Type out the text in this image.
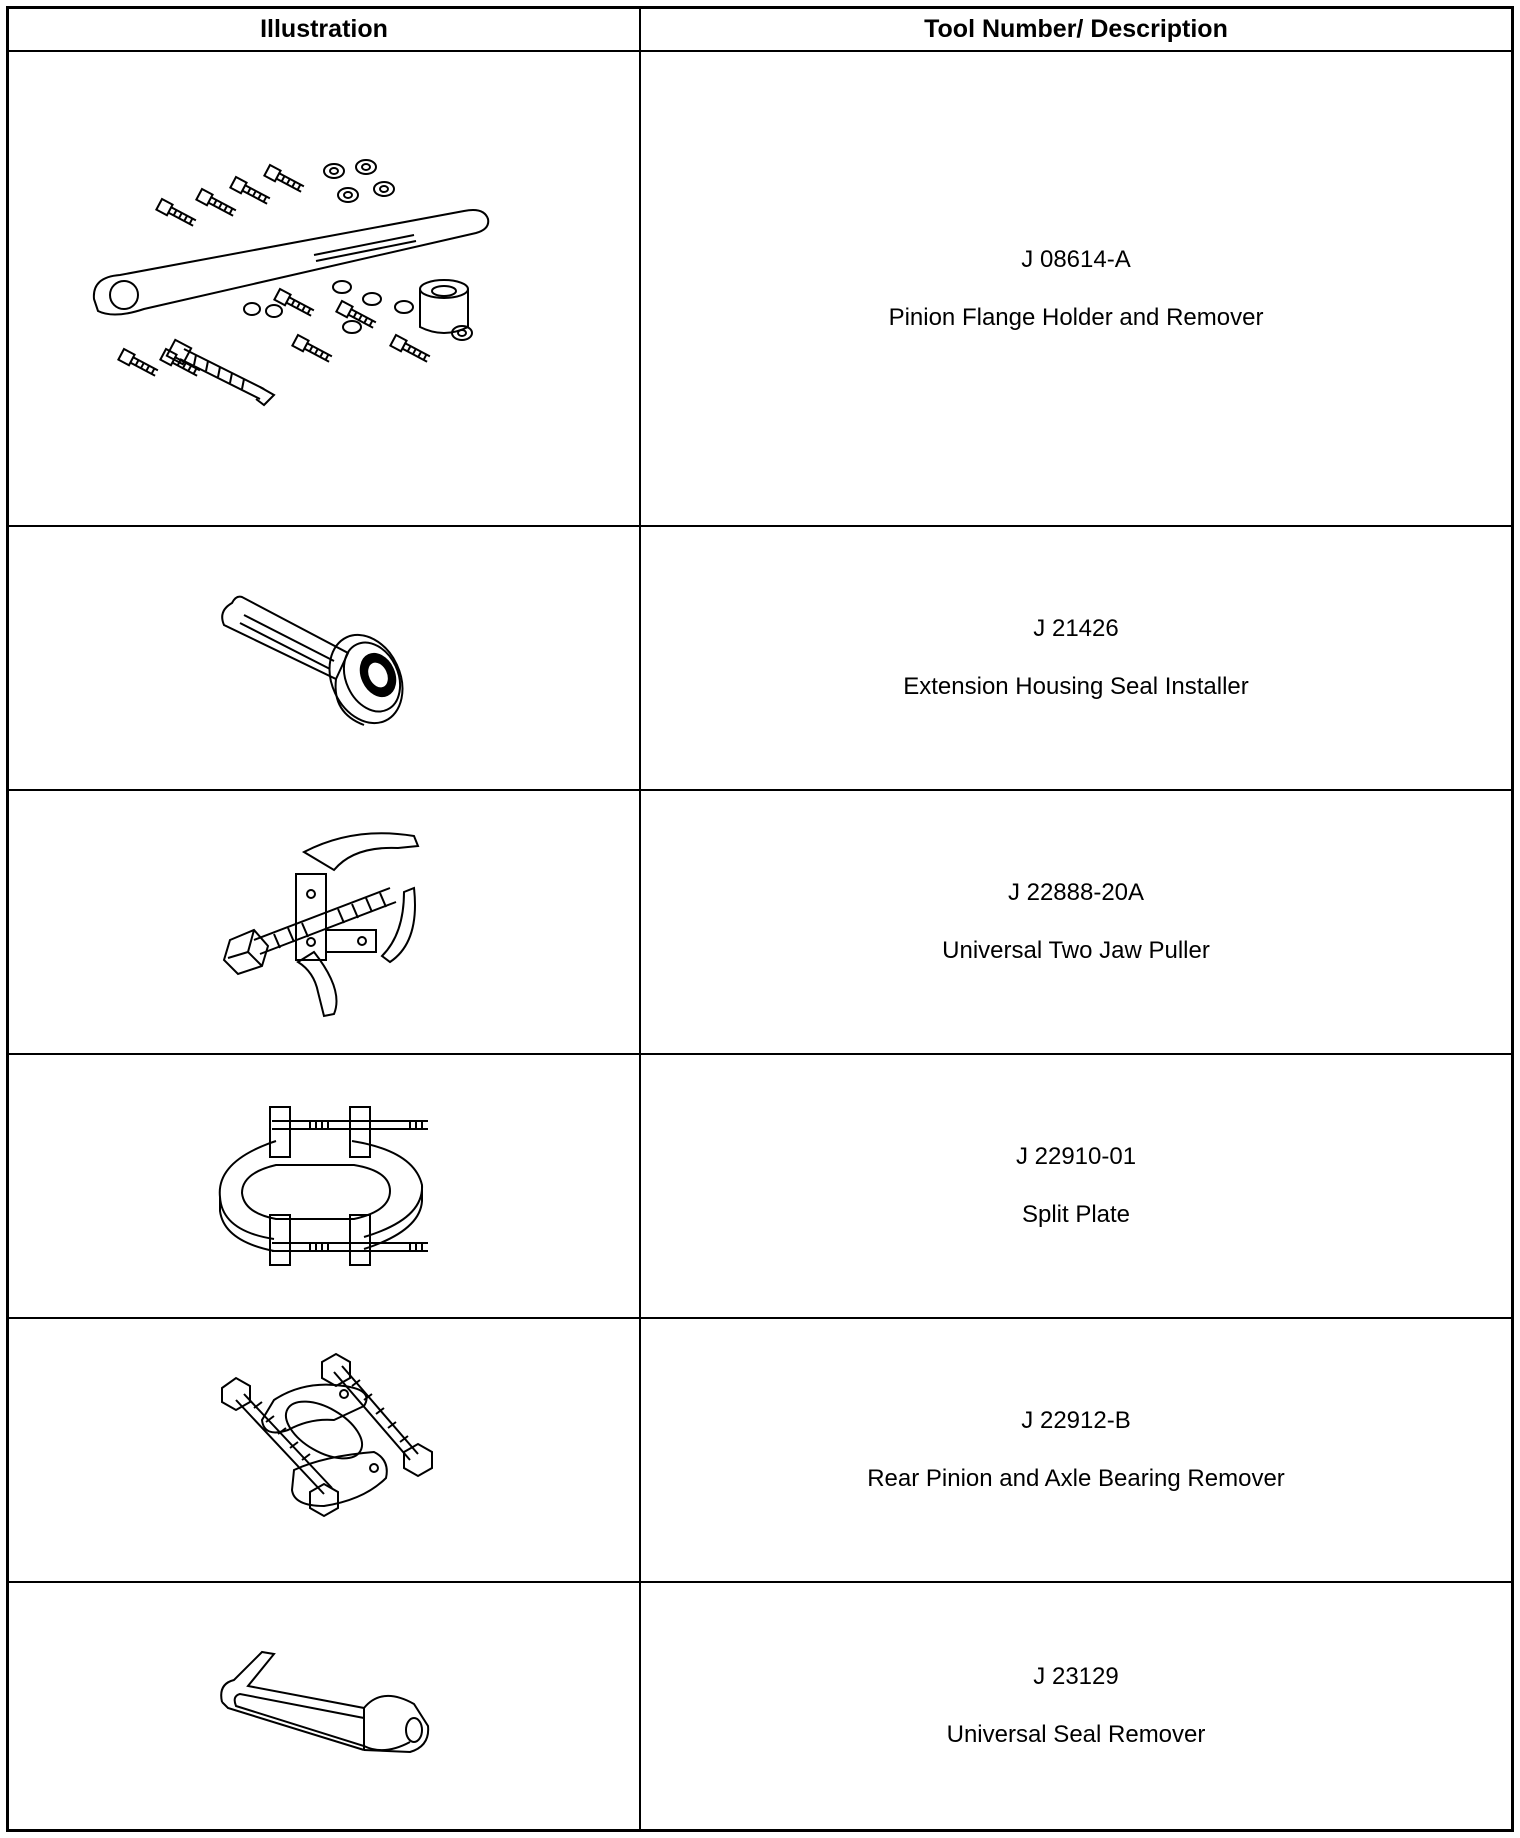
Illustration	Tool Number/ Description
J 08614-A
Pinion Flange Holder and Remover
J 21426
Extension Housing Seal Installer
J 22888-20A
Universal Two Jaw Puller
J 22910-01
Split Plate
J 22912-B
Rear Pinion and Axle Bearing Remover
J 23129
Universal Seal Remover
